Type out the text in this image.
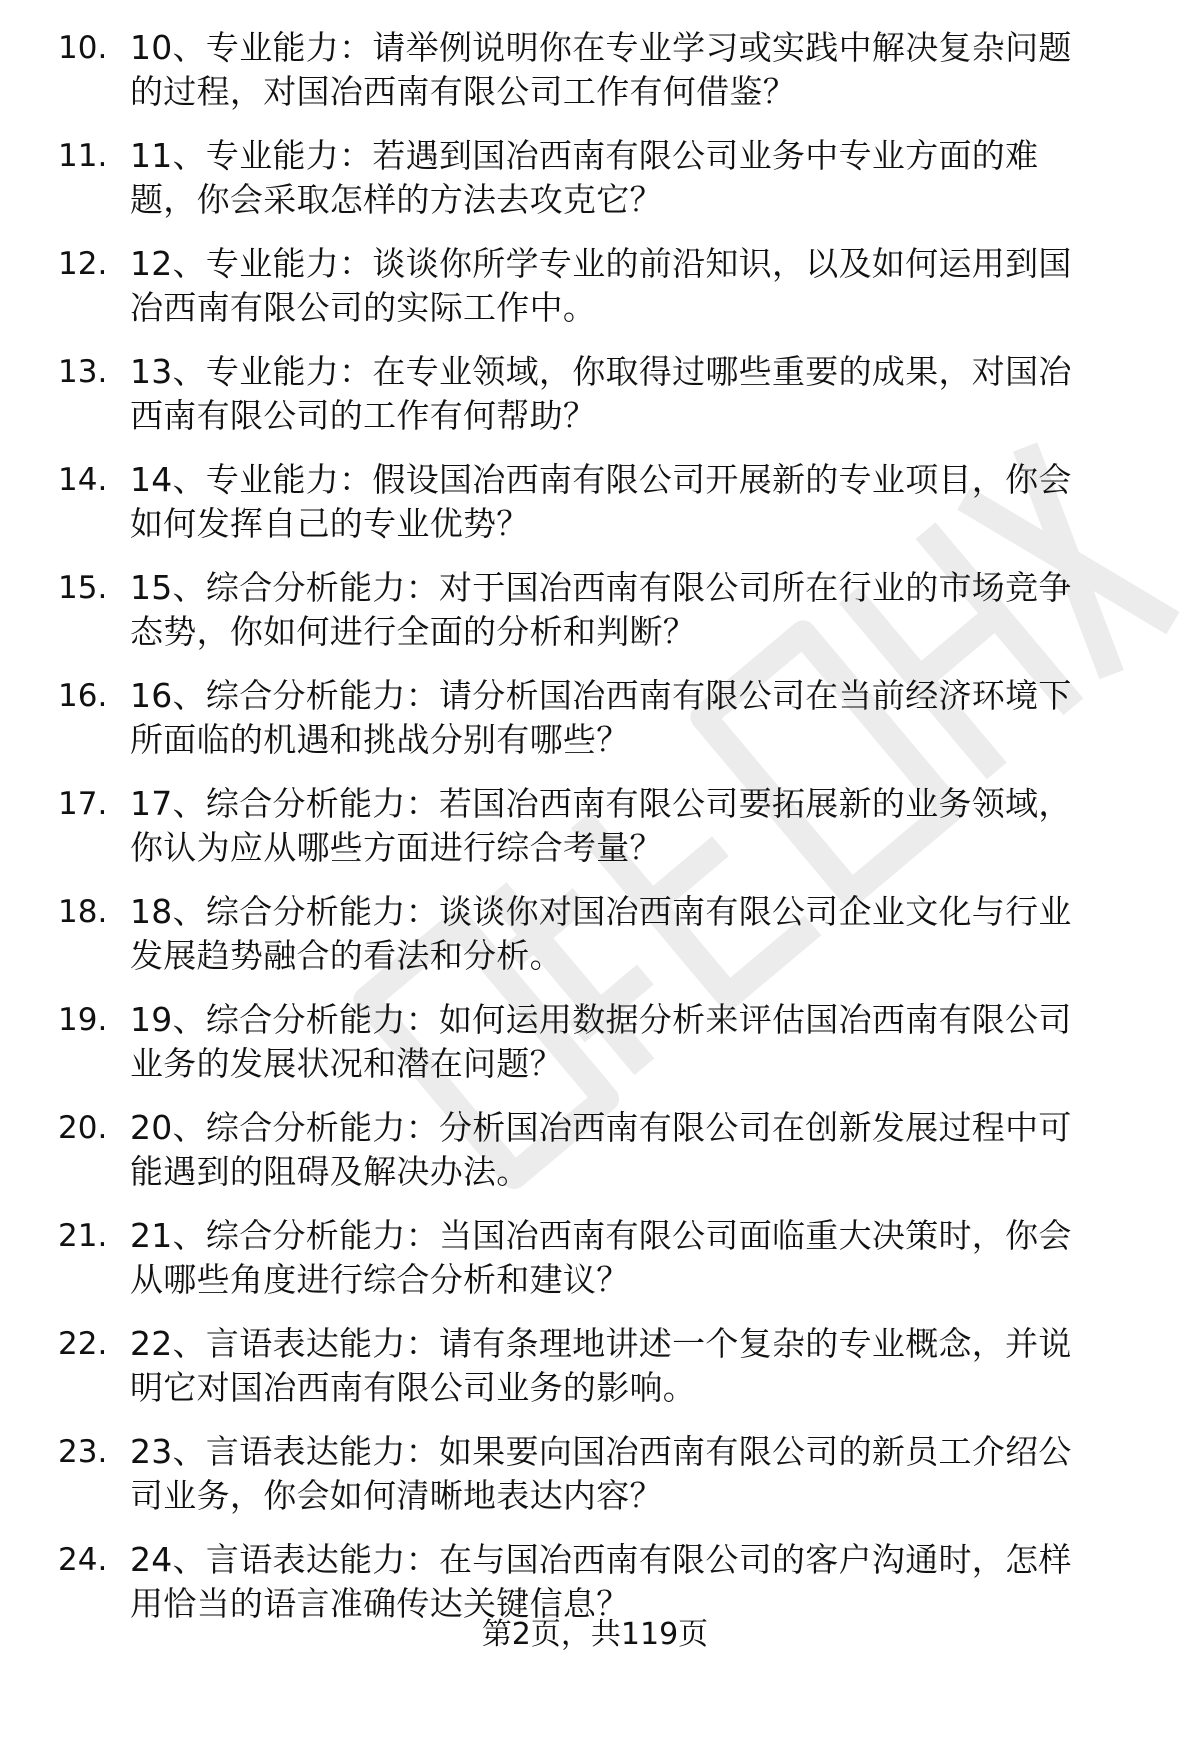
10. 10、专业能力：请举例说明你在专业学习或实践中解决复杂问题
的过程，对国冶西南有限公司工作有何借鉴？
11. 11、专业能力：若遇到国冶西南有限公司业务中专业方面的难
题，你会采取怎样的方法去攻克它？
12. 12、专业能力：谈谈你所学专业的前沿知识，以及如何运用到国
冶西南有限公司的实际工作中。
13. 13、专业能力：在专业领域，你取得过哪些重要的成果，对国冶
西南有限公司的工作有何帮助？
14. 14、专业能力：假设国冶西南有限公司开展新的专业项目，你会
如何发挥自己的专业优势？
15. 15、综合分析能力：对于国冶西南有限公司所在行业的市场竞争
态势，你如何进行全面的分析和判断？
16. 16、综合分析能力：请分析国冶西南有限公司在当前经济环境下
所面临的机遇和挑战分别有哪些？
17. 17、综合分析能力：若国冶西南有限公司要拓展新的业务领域，
你认为应从哪些方面进行综合考量？
18. 18、综合分析能力：谈谈你对国冶西南有限公司企业文化与行业
发展趋势融合的看法和分析。
19. 19、综合分析能力：如何运用数据分析来评估国冶西南有限公司
业务的发展状况和潜在问题？
20. 20、综合分析能力：分析国冶西南有限公司在创新发展过程中可
能遇到的阻碍及解决办法。
21. 21、综合分析能力：当国冶西南有限公司面临重大决策时，你会
从哪些角度进行综合分析和建议？
22. 22、言语表达能力：请有条理地讲述一个复杂的专业概念，并说
明它对国冶西南有限公司业务的影响。
23. 23、言语表达能力：如果要向国冶西南有限公司的新员工介绍公
司业务，你会如何清晰地表达内容？
24. 24、言语表达能力：在与国冶西南有限公司的客户沟通时，怎样
用恰当的语言准确传达关键信息？
第2页，共119页
